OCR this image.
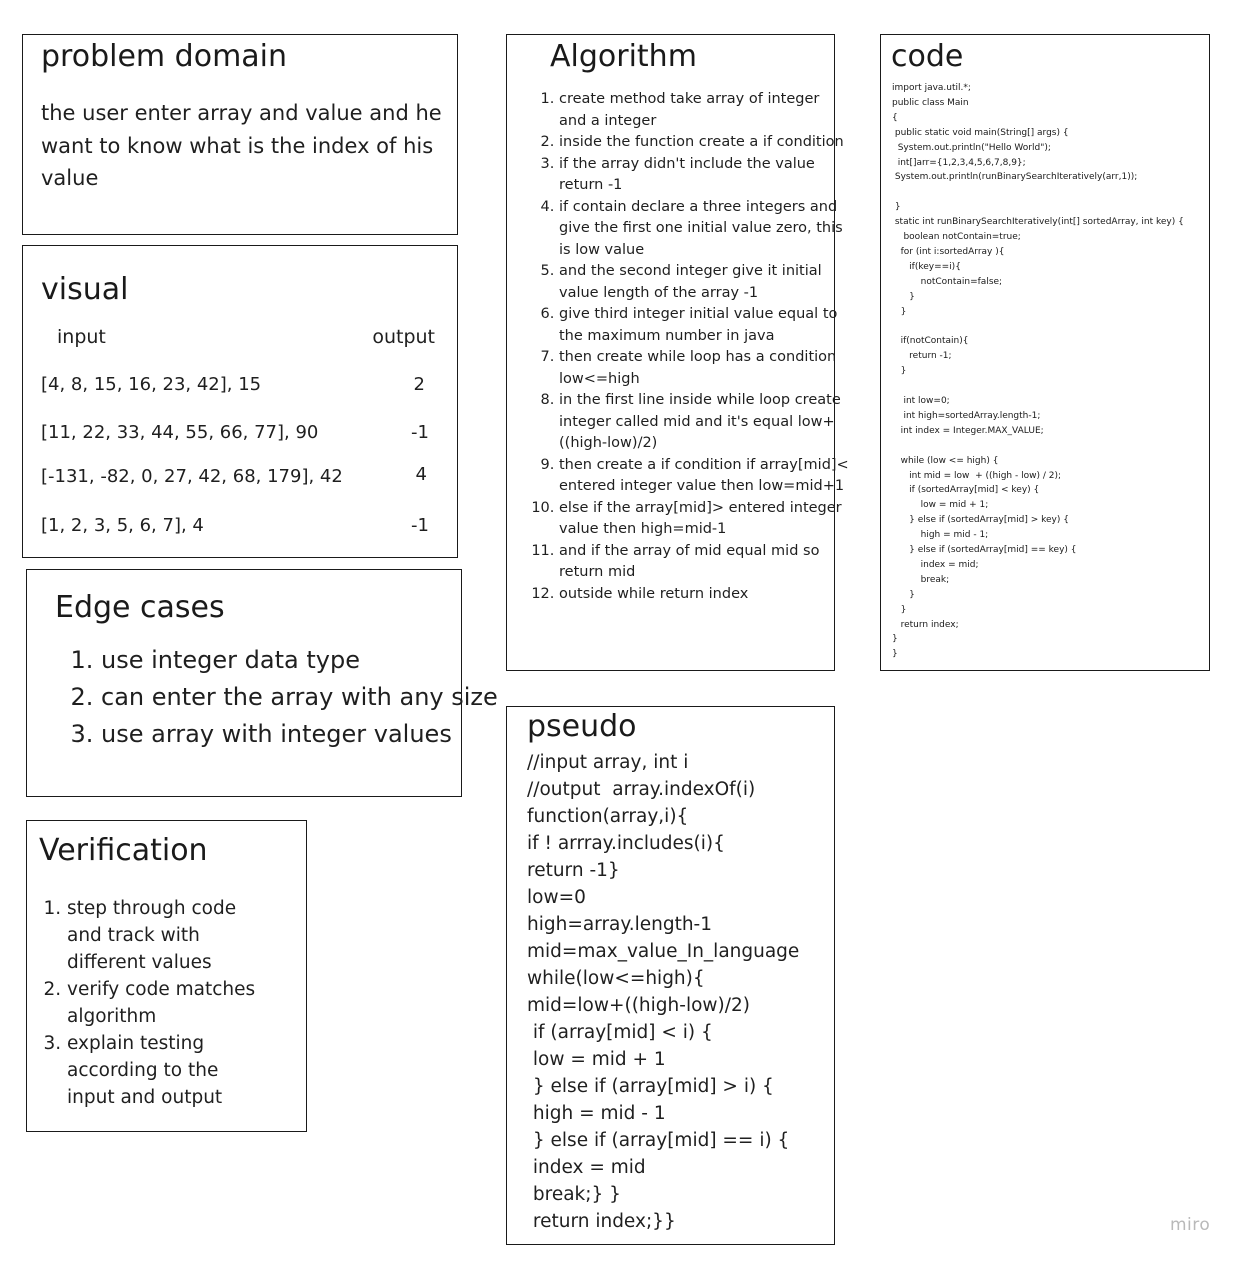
problem domain
the user enter array and value and he want to know what is the index of his value
visual
input	output
[4, 8, 15, 16, 23, 42], 15	2
[11, 22, 33, 44, 55, 66, 77], 90	-1
[-131, -82, 0, 27, 42, 68, 179], 42	4
[1, 2, 3, 5, 6, 7], 4	-1
Edge cases
1. use integer data type
2. can enter the array with any size
3. use array with integer values
Verification
1. step through code and track with different values
2. verify code matches algorithm
3. explain testing according to the input and output
Algorithm
1. create method take array of integer and a integer
2. inside the function create a if condition
3. if the array didn't include the value return -1
4. if contain declare a three integers and give the first one initial value zero, this is low value
5. and the second integer give it initial value length of the array -1
6. give third integer initial value equal to the maximum number in java
7. then create while loop has a condition low<=high
8. in the first line inside while loop create integer called mid and it's equal low+((high-low)/2)
9. then create a if condition if array[mid]< entered integer value then low=mid+1
10. else if the array[mid]> entered integer value then high=mid-1
11. and if the array of mid equal mid so return mid
12. outside while return index
code
import java.util.*;
public class Main
{
public static void main(String[] args) {
System.out.println("Hello World");
int[]arr={1,2,3,4,5,6,7,8,9};
System.out.println(runBinarySearchIteratively(arr,1));
}
static int runBinarySearchIteratively(int[] sortedArray, int key) {
boolean notContain=true;
for (int i:sortedArray ){
if(key==i){
notContain=false;
}
}
if(notContain){
return -1;
}
int low=0;
int high=sortedArray.length-1;
int index = Integer.MAX_VALUE;
while (low <= high) {
int mid = low  + ((high - low) / 2);
if (sortedArray[mid] < key) {
low = mid + 1;
} else if (sortedArray[mid] > key) {
high = mid - 1;
} else if (sortedArray[mid] == key) {
index = mid;
break;
}
}
return index;
}
}
pseudo
//input array, int i
//output  array.indexOf(i)
function(array,i){
if ! arrray.includes(i){
return -1}
low=0
high=array.length-1
mid=max_value_In_language
while(low<=high){
mid=low+((high-low)/2)
if (array[mid] < i) {
low = mid + 1
} else if (array[mid] > i) {
high = mid - 1
} else if (array[mid] == i) {
index = mid
break;} }
return index;}}	miro
